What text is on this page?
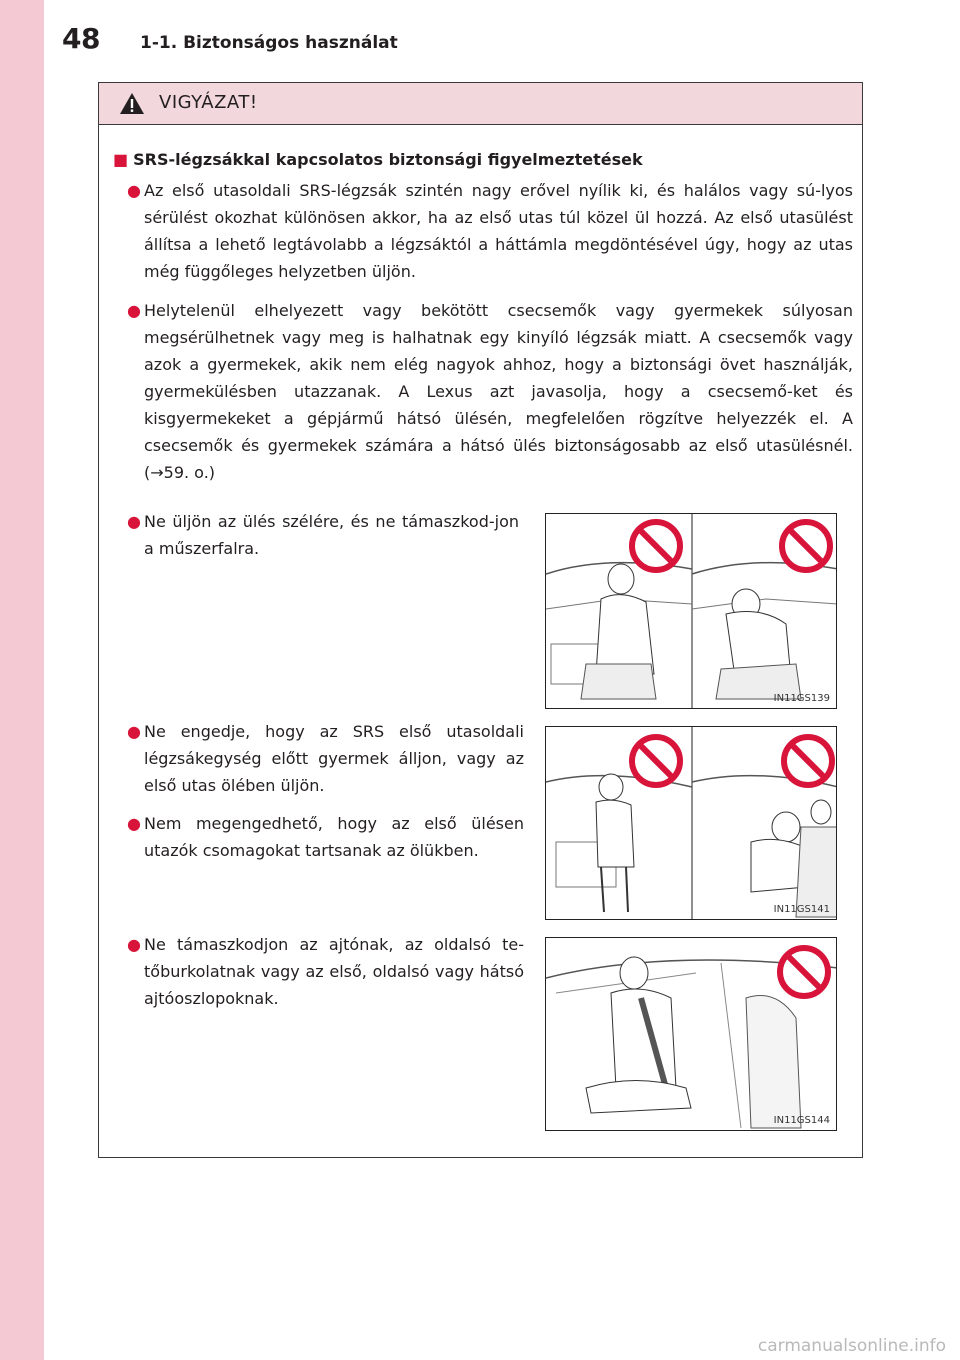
48 1-1. Biztonságos használat
VIGYÁZAT!
■ SRS-légzsákkal kapcsolatos biztonsági figyelmeztetések
● Az első utasoldali SRS-légzsák szintén nagy erővel nyílik ki, és halálos vagy sú-lyos sérülést okozhat különösen akkor, ha az első utas túl közel ül hozzá. Az első utasülést állítsa a lehető legtávolabb a légzsáktól a háttámla megdöntésével úgy, hogy az utas még függőleges helyzetben üljön.
● Helytelenül elhelyezett vagy bekötött csecsemők vagy gyermekek súlyosan megsérülhetnek vagy meg is halhatnak egy kinyíló légzsák miatt. A csecsemők vagy azok a gyermekek, akik nem elég nagyok ahhoz, hogy a biztonsági övet használják, gyermekülésben utazzanak. A Lexus azt javasolja, hogy a csecsemő-ket és kisgyermekeket a gépjármű hátsó ülésén, megfelelően rögzítve helyezzék el. A csecsemők és gyermekek számára a hátsó ülés biztonságosabb az első utasülésnél. (→59. o.)
● Ne üljön az ülés szélére, és ne támaszkod-jon a műszerfalra.
● Ne engedje, hogy az SRS első utasoldali légzsákegység előtt gyermek álljon, vagy az első utas ölében üljön.
● Nem megengedhető, hogy az első ülésen utazók csomagokat tartsanak az ölükben.
● Ne támaszkodjon az ajtónak, az oldalsó te-tőburkolatnak vagy az első, oldalsó vagy hátsó ajtóoszlopoknak.
IN11GS139
IN11GS141
IN11GS144
carmanualsonline.info
